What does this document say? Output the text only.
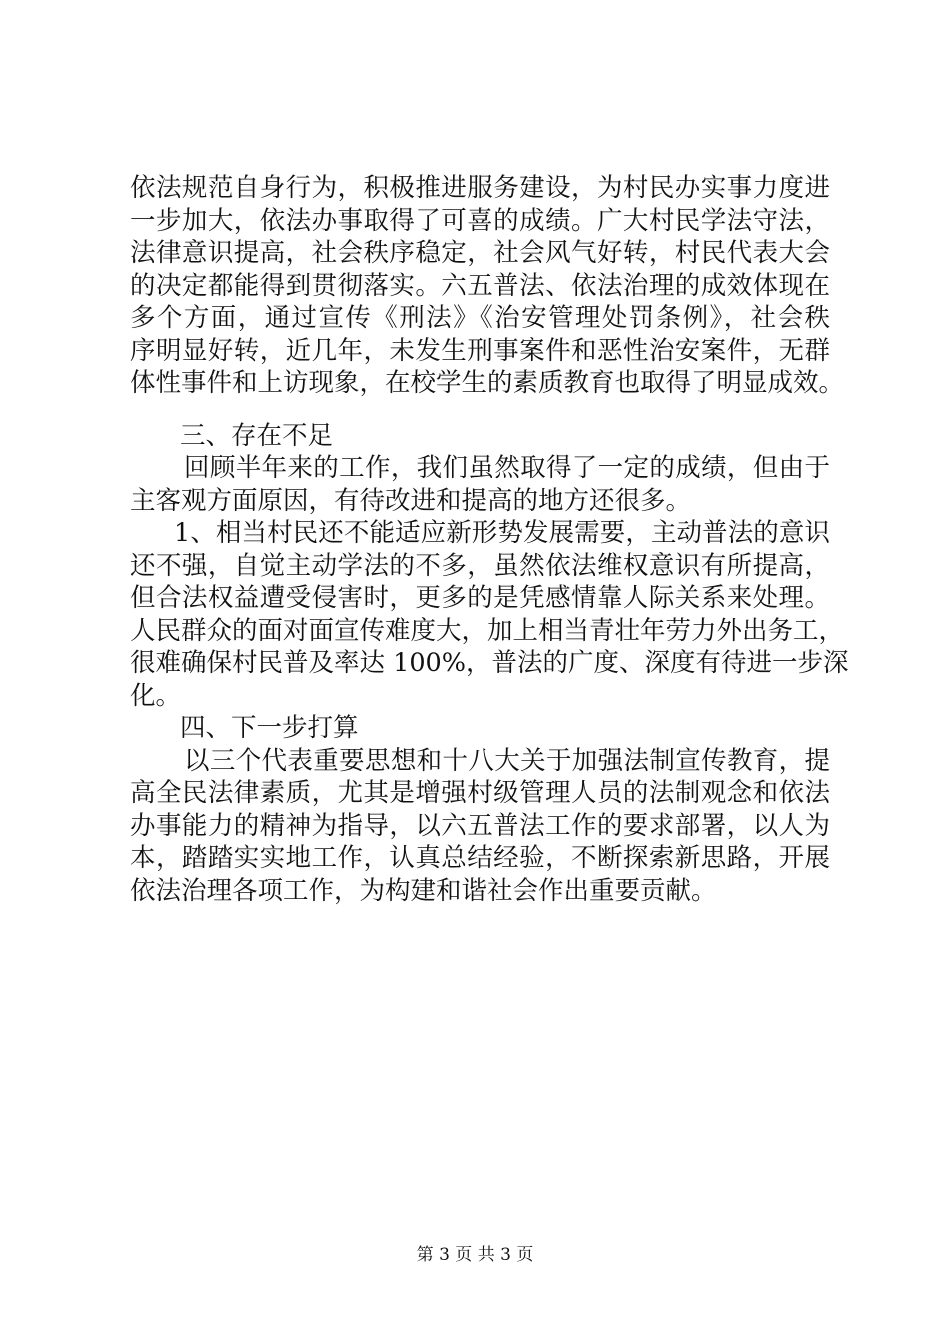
依法规范自身行为，积极推进服务建设，为村民办实事力度进
一步加大，依法办事取得了可喜的成绩。广大村民学法守法，
法律意识提高，社会秩序稳定，社会风气好转，村民代表大会
的决定都能得到贯彻落实。六五普法、依法治理的成效体现在
多个方面，通过宣传《刑法》《治安管理处罚条例》，社会秩
序明显好转，近几年，未发生刑事案件和恶性治安案件，无群
体性事件和上访现象，在校学生的素质教育也取得了明显成效。
三、存在不足
回顾半年来的工作，我们虽然取得了一定的成绩，但由于
主客观方面原因，有待改进和提高的地方还很多。
1、相当村民还不能适应新形势发展需要，主动普法的意识
还不强，自觉主动学法的不多，虽然依法维权意识有所提高，
但合法权益遭受侵害时，更多的是凭感情靠人际关系来处理。
人民群众的面对面宣传难度大，加上相当青壮年劳力外出务工，
很难确保村民普及率达 100%，普法的广度、深度有待进一步深
化。
四、下一步打算
以三个代表重要思想和十八大关于加强法制宣传教育，提
高全民法律素质，尤其是增强村级管理人员的法制观念和依法
办事能力的精神为指导，以六五普法工作的要求部署，以人为
本，踏踏实实地工作，认真总结经验，不断探索新思路，开展
依法治理各项工作，为构建和谐社会作出重要贡献。
第 3 页 共 3 页
